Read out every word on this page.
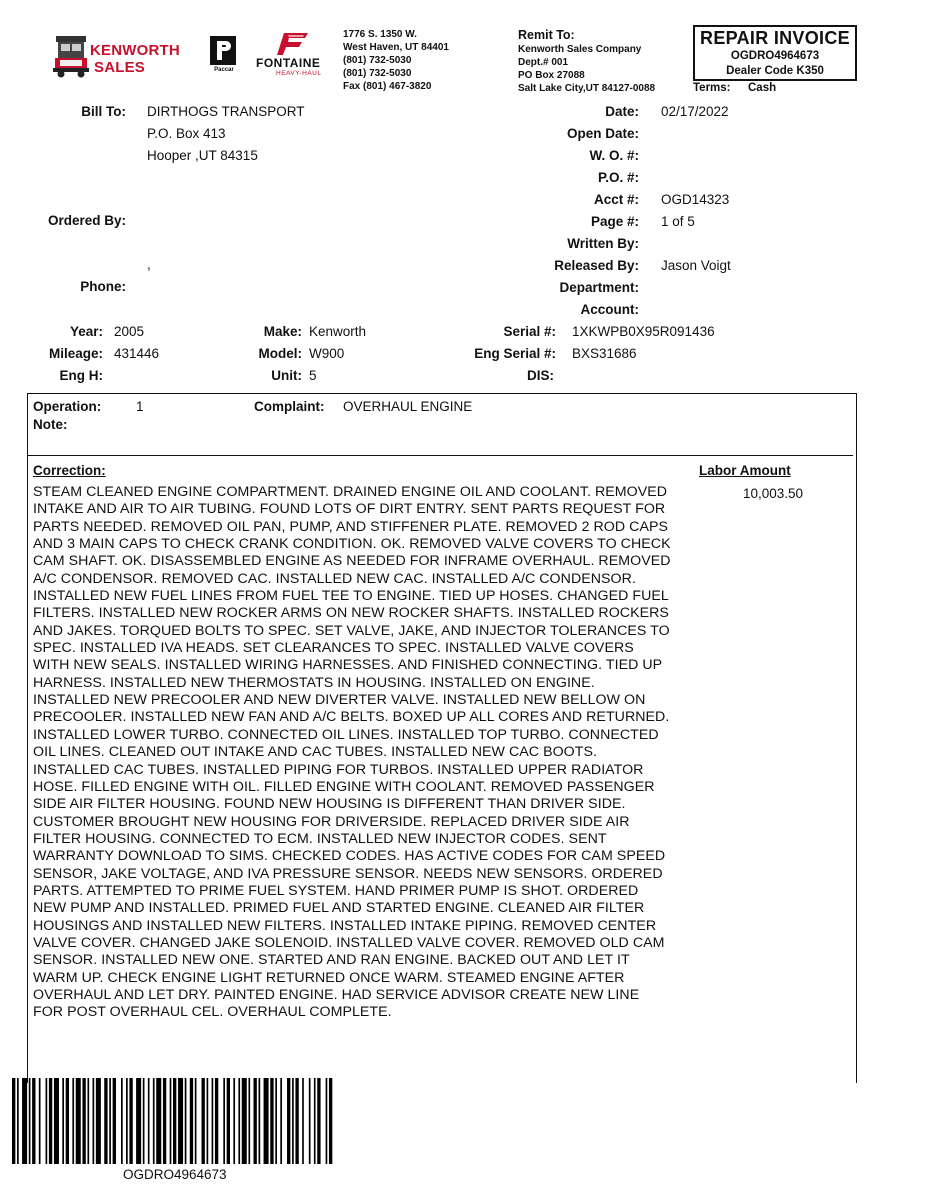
KENWORTH
SALES	Paccar	FONTAINE
HEAVY-HAUL
1776 S. 1350 W.
West Haven, UT 84401
(801) 732-5030
(801) 732-5030
Fax (801) 467-3820
Remit To:
Kenworth Sales Company
Dept.# 001
PO Box 27088
Salt Lake City,UT 84127-0088
REPAIR INVOICE
OGDRO4964673
Dealer Code K350
Terms: Cash
Bill To: DIRTHOGS TRANSPORT
P.O. Box 413
Hooper ,UT 84315
Ordered By:
,
Phone:
Date: 02/17/2022
Open Date:
W. O. #:
P.O. #:
Acct #: OGD14323
Page #: 1 of 5
Written By:
Released By: Jason Voigt
Department:
Account:
Year: 2005
Mileage: 431446
Eng H:
Make: Kenworth
Model: W900
Unit: 5
Serial #: 1XKWPB0X95R091436
Eng Serial #: BXS31686
DIS:
Operation:	1
Note:
Complaint: OVERHAUL ENGINE
Correction:	Labor Amount
10,003.50
STEAM CLEANED ENGINE COMPARTMENT. DRAINED ENGINE OIL AND COOLANT. REMOVED INTAKE AND AIR TO AIR TUBING. FOUND LOTS OF DIRT ENTRY. SENT PARTS REQUEST FOR PARTS NEEDED. REMOVED OIL PAN, PUMP, AND STIFFENER PLATE. REMOVED 2 ROD CAPS AND 3 MAIN CAPS TO CHECK CRANK CONDITION. OK. REMOVED VALVE COVERS TO CHECK CAM SHAFT. OK. DISASSEMBLED ENGINE AS NEEDED FOR INFRAME OVERHAUL. REMOVED A/C CONDENSOR. REMOVED CAC. INSTALLED NEW CAC. INSTALLED A/C CONDENSOR. INSTALLED NEW FUEL LINES FROM FUEL TEE TO ENGINE. TIED UP HOSES. CHANGED FUEL FILTERS. INSTALLED NEW ROCKER ARMS ON NEW ROCKER SHAFTS. INSTALLED ROCKERS AND JAKES. TORQUED BOLTS TO SPEC. SET VALVE, JAKE, AND INJECTOR TOLERANCES TO SPEC. INSTALLED IVA HEADS. SET CLEARANCES TO SPEC. INSTALLED VALVE COVERS WITH NEW SEALS. INSTALLED WIRING HARNESSES. AND FINISHED CONNECTING. TIED UP HARNESS. INSTALLED NEW THERMOSTATS IN HOUSING. INSTALLED ON ENGINE. INSTALLED NEW PRECOOLER AND NEW DIVERTER VALVE. INSTALLED NEW BELLOW ON PRECOOLER. INSTALLED NEW FAN AND A/C BELTS. BOXED UP ALL CORES AND RETURNED. INSTALLED LOWER TURBO. CONNECTED OIL LINES. INSTALLED TOP TURBO. CONNECTED OIL LINES. CLEANED OUT INTAKE AND CAC TUBES. INSTALLED NEW CAC BOOTS. INSTALLED CAC TUBES. INSTALLED PIPING FOR TURBOS. INSTALLED UPPER RADIATOR HOSE. FILLED ENGINE WITH OIL. FILLED ENGINE WITH COOLANT. REMOVED PASSENGER SIDE AIR FILTER HOUSING. FOUND NEW HOUSING IS DIFFERENT THAN DRIVER SIDE. CUSTOMER BROUGHT NEW HOUSING FOR DRIVERSIDE. REPLACED DRIVER SIDE AIR FILTER HOUSING. CONNECTED TO ECM. INSTALLED NEW INJECTOR CODES. SENT WARRANTY DOWNLOAD TO SIMS. CHECKED CODES. HAS ACTIVE CODES FOR CAM SPEED SENSOR, JAKE VOLTAGE, AND IVA PRESSURE SENSOR. NEEDS NEW SENSORS. ORDERED PARTS. ATTEMPTED TO PRIME FUEL SYSTEM. HAND PRIMER PUMP IS SHOT. ORDERED NEW PUMP AND INSTALLED. PRIMED FUEL AND STARTED ENGINE. CLEANED AIR FILTER HOUSINGS AND INSTALLED NEW FILTERS. INSTALLED INTAKE PIPING. REMOVED CENTER VALVE COVER. CHANGED JAKE SOLENOID. INSTALLED VALVE COVER. REMOVED OLD CAM SENSOR. INSTALLED NEW ONE. STARTED AND RAN ENGINE. BACKED OUT AND LET IT WARM UP. CHECK ENGINE LIGHT RETURNED ONCE WARM. STEAMED ENGINE AFTER OVERHAUL AND LET DRY. PAINTED ENGINE. HAD SERVICE ADVISOR CREATE NEW LINE FOR POST OVERHAUL CEL. OVERHAUL COMPLETE.
OGDRO4964673
